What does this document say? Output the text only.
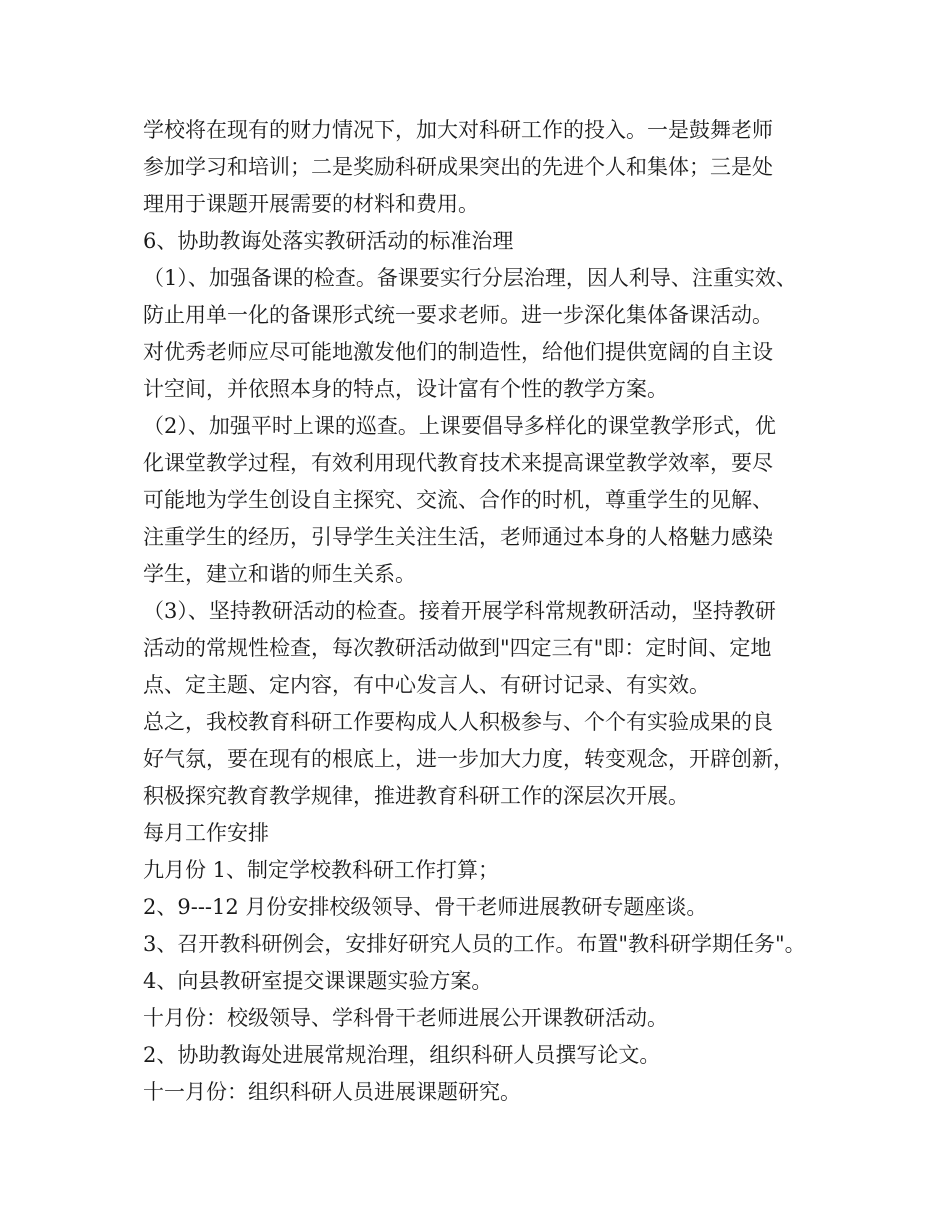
学校将在现有的财力情况下，加大对科研工作的投入。一是鼓舞老师
参加学习和培训；二是奖励科研成果突出的先进个人和集体；三是处
理用于课题开展需要的材料和费用。
6、协助教诲处落实教研活动的标准治理
（1）、加强备课的检查。备课要实行分层治理，因人利导、注重实效、
防止用单一化的备课形式统一要求老师。进一步深化集体备课活动。
对优秀老师应尽可能地激发他们的制造性，给他们提供宽阔的自主设
计空间，并依照本身的特点，设计富有个性的教学方案。
（2）、加强平时上课的巡查。上课要倡导多样化的课堂教学形式，优
化课堂教学过程，有效利用现代教育技术来提高课堂教学效率，要尽
可能地为学生创设自主探究、交流、合作的时机，尊重学生的见解、
注重学生的经历，引导学生关注生活，老师通过本身的人格魅力感染
学生，建立和谐的师生关系。
（3）、坚持教研活动的检查。接着开展学科常规教研活动，坚持教研
活动的常规性检查，每次教研活动做到"四定三有"即：定时间、定地
点、定主题、定内容，有中心发言人、有研讨记录、有实效。
总之，我校教育科研工作要构成人人积极参与、个个有实验成果的良
好气氛，要在现有的根底上，进一步加大力度，转变观念，开辟创新，
积极探究教育教学规律，推进教育科研工作的深层次开展。
每月工作安排
九月份 1、制定学校教科研工作打算；
2、9---12 月份安排校级领导、骨干老师进展教研专题座谈。
3、召开教科研例会，安排好研究人员的工作。布置"教科研学期任务"。
4、向县教研室提交课课题实验方案。
十月份：校级领导、学科骨干老师进展公开课教研活动。
2、协助教诲处进展常规治理，组织科研人员撰写论文。
十一月份：组织科研人员进展课题研究。
